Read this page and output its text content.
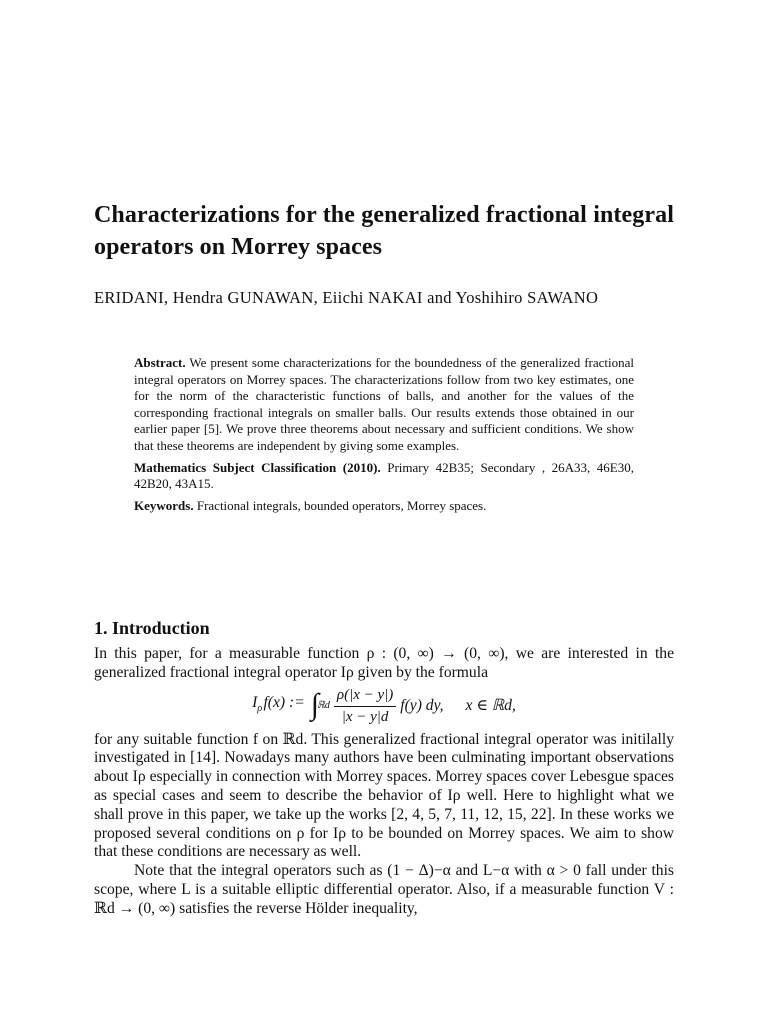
Characterizations for the generalized fractional integral operators on Morrey spaces
ERIDANI, Hendra GUNAWAN, Eiichi NAKAI and Yoshihiro SAWANO

Abstract. We present some characterizations for the boundedness of the generalized fractional integral operators on Morrey spaces. The characterizations follow from two key estimates, one for the norm of the characteristic functions of balls, and another for the values of the corresponding fractional integrals on smaller balls. Our results extends those obtained in our earlier paper [5]. We prove three theorems about necessary and sufficient conditions. We show that these theorems are independent by giving some examples.

Mathematics Subject Classification (2010). Primary 42B35; Secondary , 26A33, 46E30, 42B20, 43A15.

Keywords. Fractional integrals, bounded operators, Morrey spaces.

1. Introduction

In this paper, for a measurable function ρ : (0, ∞) → (0, ∞), we are interested in the generalized fractional integral operator Iρ given by the formula

$I_\rho$ f(x) := ∫
ℝd $\frac{\rho(|x - y|)}{|x - y|d} f(y)$ dy, x ∈ ℝd,

for any suitable function f on ℝd. This generalized fractional integral operator was initilally investigated in [14]. Nowadays many authors have been culminating important observations about Iρ especially in connection with Morrey spaces. Morrey spaces cover Lebesgue spaces as special cases and seem to describe the behavior of Iρ well. Here to highlight what we shall prove in this paper, we take up the works [2, 4, 5, 7, 11, 12, 15, 22]. In these works we proposed several conditions on ρ for Iρ to be bounded on Morrey spaces. We aim to show that these conditions are necessary as well.

Note that the integral operators such as (1 − Δ)−α and L−α with α > 0 fall under this scope, where L is a suitable elliptic differential operator. Also, if a measurable function V : ℝd → (0, ∞) satisfies the reverse Hölder inequality,
